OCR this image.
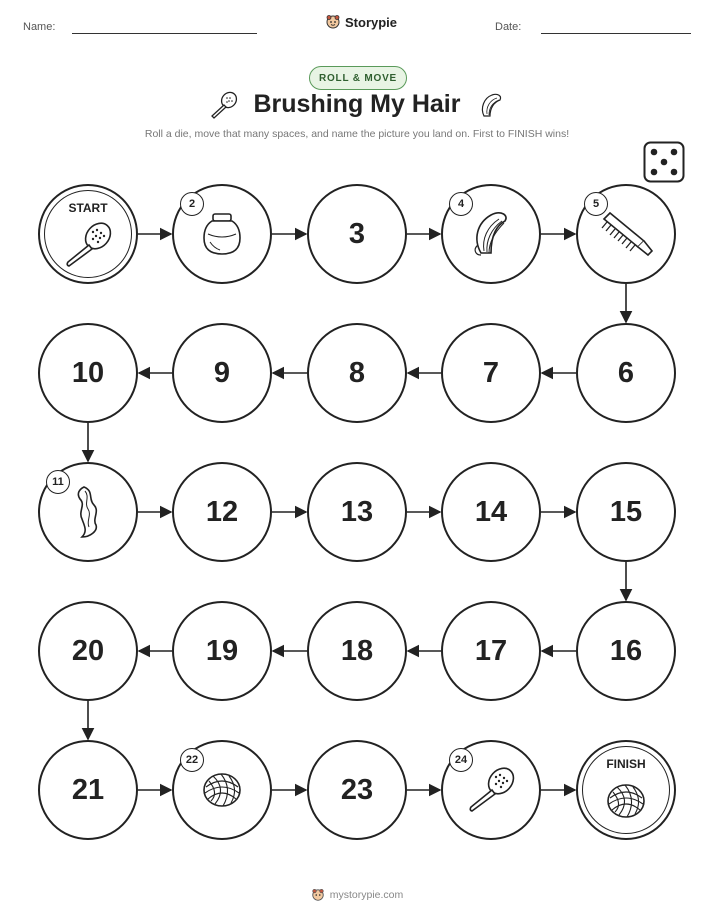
Name:	Storypie	Date:
ROLL & MOVE
Brushing My Hair
Roll a die, move that many spaces, and name the picture you land on. First to FINISH wins!
START	2
3
4	5
6
7
8
9
10
11
12	13	14	15
16
17
18
19
20
21
22
23
24	FINISH
mystorypie.com
